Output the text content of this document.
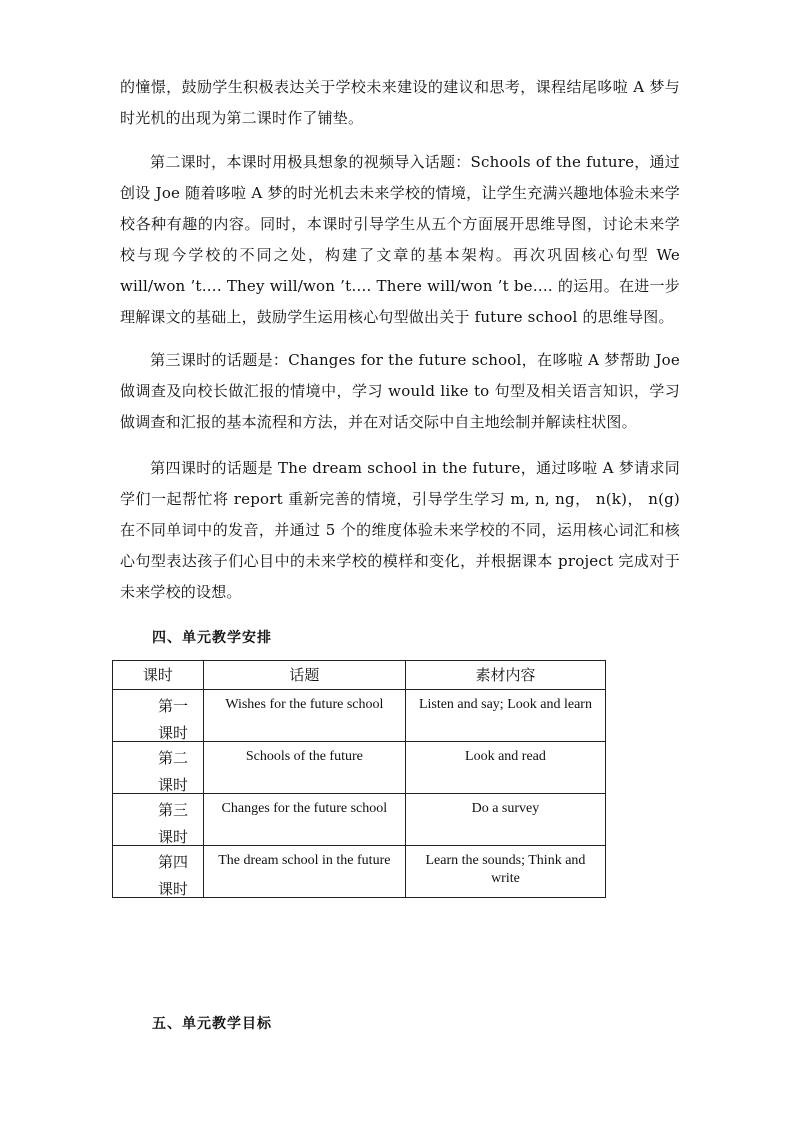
的憧憬，鼓励学生积极表达关于学校未来建设的建议和思考，课程结尾哆啦 A 梦与时光机的出现为第二课时作了铺垫。

第二课时，本课时用极具想象的视频导入话题：Schools of the future，通过创设 Joe 随着哆啦 A 梦的时光机去未来学校的情境，让学生充满兴趣地体验未来学校各种有趣的内容。同时，本课时引导学生从五个方面展开思维导图，讨论未来学校与现今学校的不同之处，构建了文章的基本架构。再次巩固核心句型 We will/won ’t…. They will/won ’t…. There will/won ’t be…. 的运用。在进一步理解课文的基础上，鼓励学生运用核心句型做出关于 future school 的思维导图。

第三课时的话题是：Changes for the future school，在哆啦 A 梦帮助 Joe 做调查及向校长做汇报的情境中，学习 would like to 句型及相关语言知识，学习做调查和汇报的基本流程和方法，并在对话交际中自主地绘制并解读柱状图。

第四课时的话题是 The dream school in the future，通过哆啦 A 梦请求同学们一起帮忙将 report 重新完善的情境，引导学生学习 m, n, ng， n(k)， n(g) 在不同单词中的发音，并通过 5 个的维度体验未来学校的不同，运用核心词汇和核心句型表达孩子们心目中的未来学校的模样和变化，并根据课本 project 完成对于未来学校的设想。

四、单元教学安排

课时	话题	素材内容

第一课时	Wishes for the future school	Listen and say; Look and learn

第二课时	Schools of the future	Look and read

第三课时	Changes for the future school	Do a survey

第四课时	The dream school in the future	Learn the sounds; Think and write

五、单元教学目标
